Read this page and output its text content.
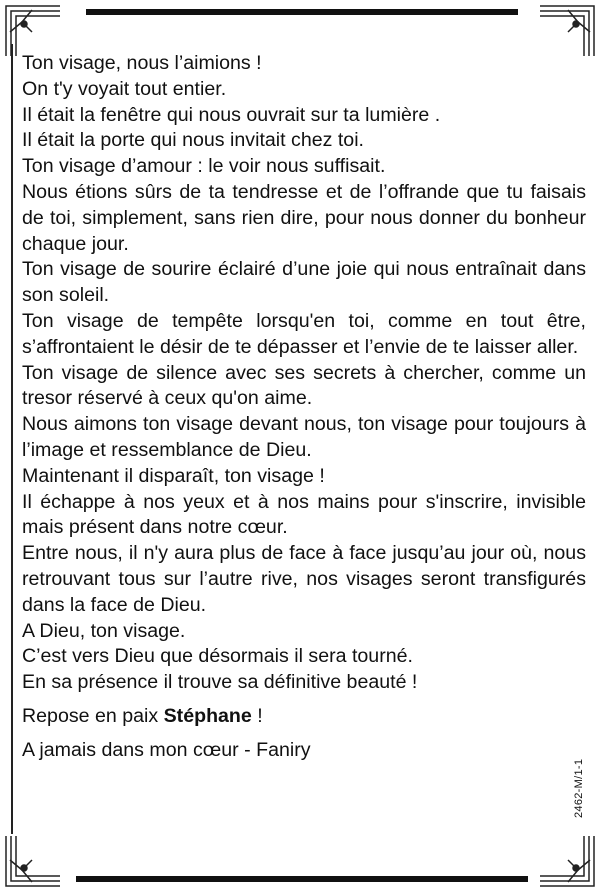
Ton visage, nous l’aimions !

On t'y voyait tout entier.

Il était la fenêtre qui nous ouvrait sur ta lumière .

Il était la porte qui nous invitait chez toi.

Ton visage d’amour : le voir nous suffisait.

Nous étions sûrs de ta tendresse et de l’offrande que tu faisais de toi, simplement, sans rien dire, pour nous donner du bonheur chaque jour.

Ton visage de sourire éclairé d’une joie qui nous entraînait dans son soleil.

Ton visage de tempête lorsqu'en toi, comme en tout être, s’affrontaient le désir de te dépasser et l’envie de te laisser aller.

Ton visage de silence avec ses secrets à chercher, comme un tresor réservé à ceux qu'on aime.

Nous aimons ton visage devant nous, ton visage pour toujours à l’image et ressemblance de Dieu.

Maintenant il disparaît, ton visage !

Il échappe à nos yeux et à nos mains pour s'inscrire, invisible mais présent dans notre cœur.

Entre nous, il n'y aura plus de face à face jusqu’au jour où, nous retrouvant tous sur l’autre rive, nos visages seront transfigurés dans la face de Dieu.

A Dieu, ton visage.

C’est vers Dieu que désormais il sera tourné.

En sa présence il trouve sa définitive beauté !

Repose en paix Stéphane !

A jamais dans mon cœur - Faniry

2462-M/1-1
